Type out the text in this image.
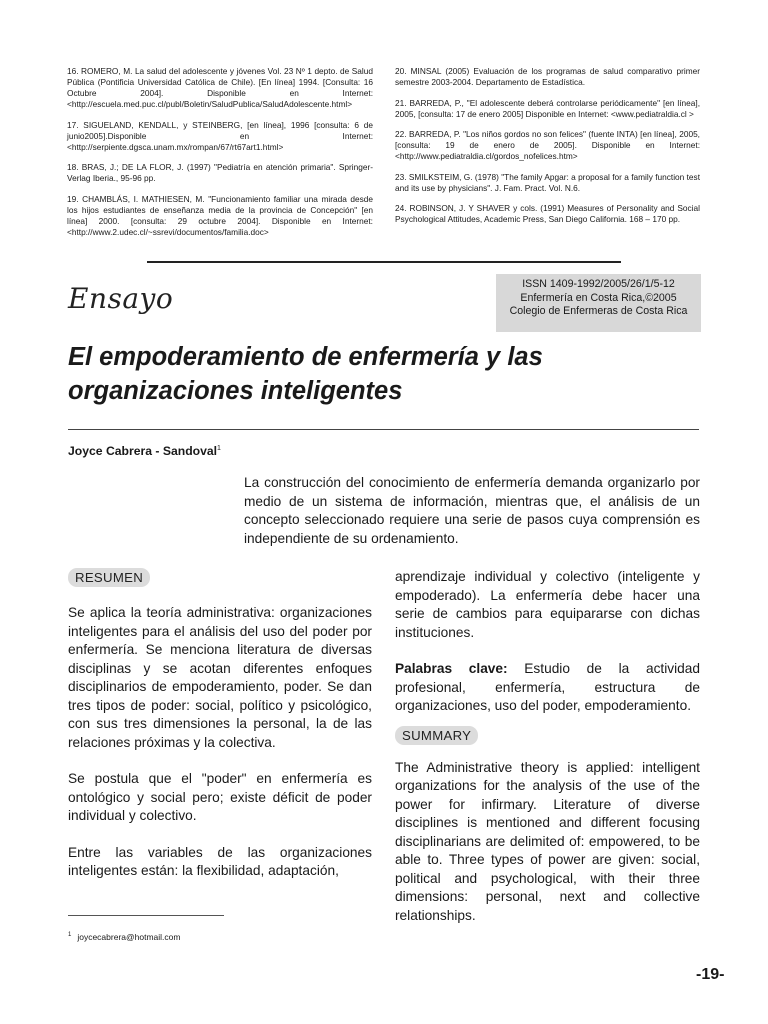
16. ROMERO, M. La salud del adolescente y jóvenes Vol. 23 Nº 1 depto. de Salud Pública (Pontificia Universidad Católica de Chile). [En línea] 1994. [Consulta: 16 Octubre 2004]. Disponible en Internet: <http://escuela.med.puc.cl/publ/Boletin/SaludPublica/SaludAdolescente.html>

17. SIGUELAND, KENDALL, y STEINBERG, [en línea], 1996 [consulta: 6 de junio2005].Disponible en Internet: <http://serpiente.dgsca.unam.mx/rompan/67/rt67art1.html>

18. BRAS, J.; DE LA FLOR, J. (1997) "Pediatría en atención primaria". Springer-Verlag Iberia., 95-96 pp.

19. CHAMBLÁS, I. MATHIESEN, M. "Funcionamiento familiar una mirada desde los hijos estudiantes de enseñanza media de la provincia de Concepción" [en línea] 2000. [consulta: 29 octubre 2004]. Disponible en Internet: <http://www.2.udec.cl/~ssrevi/documentos/familia.doc>

20. MINSAL (2005) Evaluación de los programas de salud comparativo primer semestre 2003-2004. Departamento de Estadística.

21. BARREDA, P., "El adolescente deberá controlarse periódicamente" [en línea], 2005, [consulta: 17 de enero 2005] Disponible en Internet: <www.pediatraldia.cl >

22. BARREDA, P. "Los niños gordos no son felices" (fuente INTA) [en línea], 2005, [consulta: 19 de enero de 2005]. Disponible en Internet: <http://www.pediatraldia.cl/gordos_nofelices.htm>

23. SMILKSTEIM, G. (1978) "The family Apgar: a proposal for a family function test and its use by physicians". J. Fam. Pract. Vol. N.6.

24. ROBINSON, J. Y SHAVER y cols. (1991) Measures of Personality and Social Psychological Attitudes, Academic Press, San Diego California. 168 – 170 pp.

Ensayo	ISSN 1409-1992/2005/26/1/5-12
Enfermería en Costa Rica,©2005
Colegio de Enfermeras de Costa Rica
El empoderamiento de enfermería y las organizaciones inteligentes
Joyce Cabrera - Sandoval$^1$

La construcción del conocimiento de enfermería demanda organizarlo por medio de un sistema de información, mientras que, el análisis de un concepto seleccionado requiere una serie de pasos cuya comprensión es independiente de su ordenamiento.

RESUMEN

Se aplica la teoría administrativa: organizaciones inteligentes para el análisis del uso del poder por enfermería. Se menciona literatura de diversas disciplinas y se acotan diferentes enfoques disciplinarios de empoderamiento, poder. Se dan tres tipos de poder: social, político y psicológico, con sus tres dimensiones la personal, la de las relaciones próximas y la colectiva.

Se postula que el "poder" en enfermería es ontológico y social pero; existe déficit de poder individual y colectivo.

Entre las variables de las organizaciones inteligentes están: la flexibilidad, adaptación,

aprendizaje individual y colectivo (inteligente y empoderado). La enfermería debe hacer una serie de cambios para equipararse con dichas instituciones.

Palabras clave: Estudio de la actividad profesional, enfermería, estructura de organizaciones, uso del poder, empoderamiento.

SUMMARY

The Administrative theory is applied: intelligent organizations for the analysis of the use of the power for infirmary. Literature of diverse disciplines is mentioned and different focusing disciplinarians are delimited of: empowered, to be able to. Three types of power are given: social, political and psychological, with their three dimensions: personal, next and collective relationships.

$^1$ joycecabrera@hotmail.com
-19-
